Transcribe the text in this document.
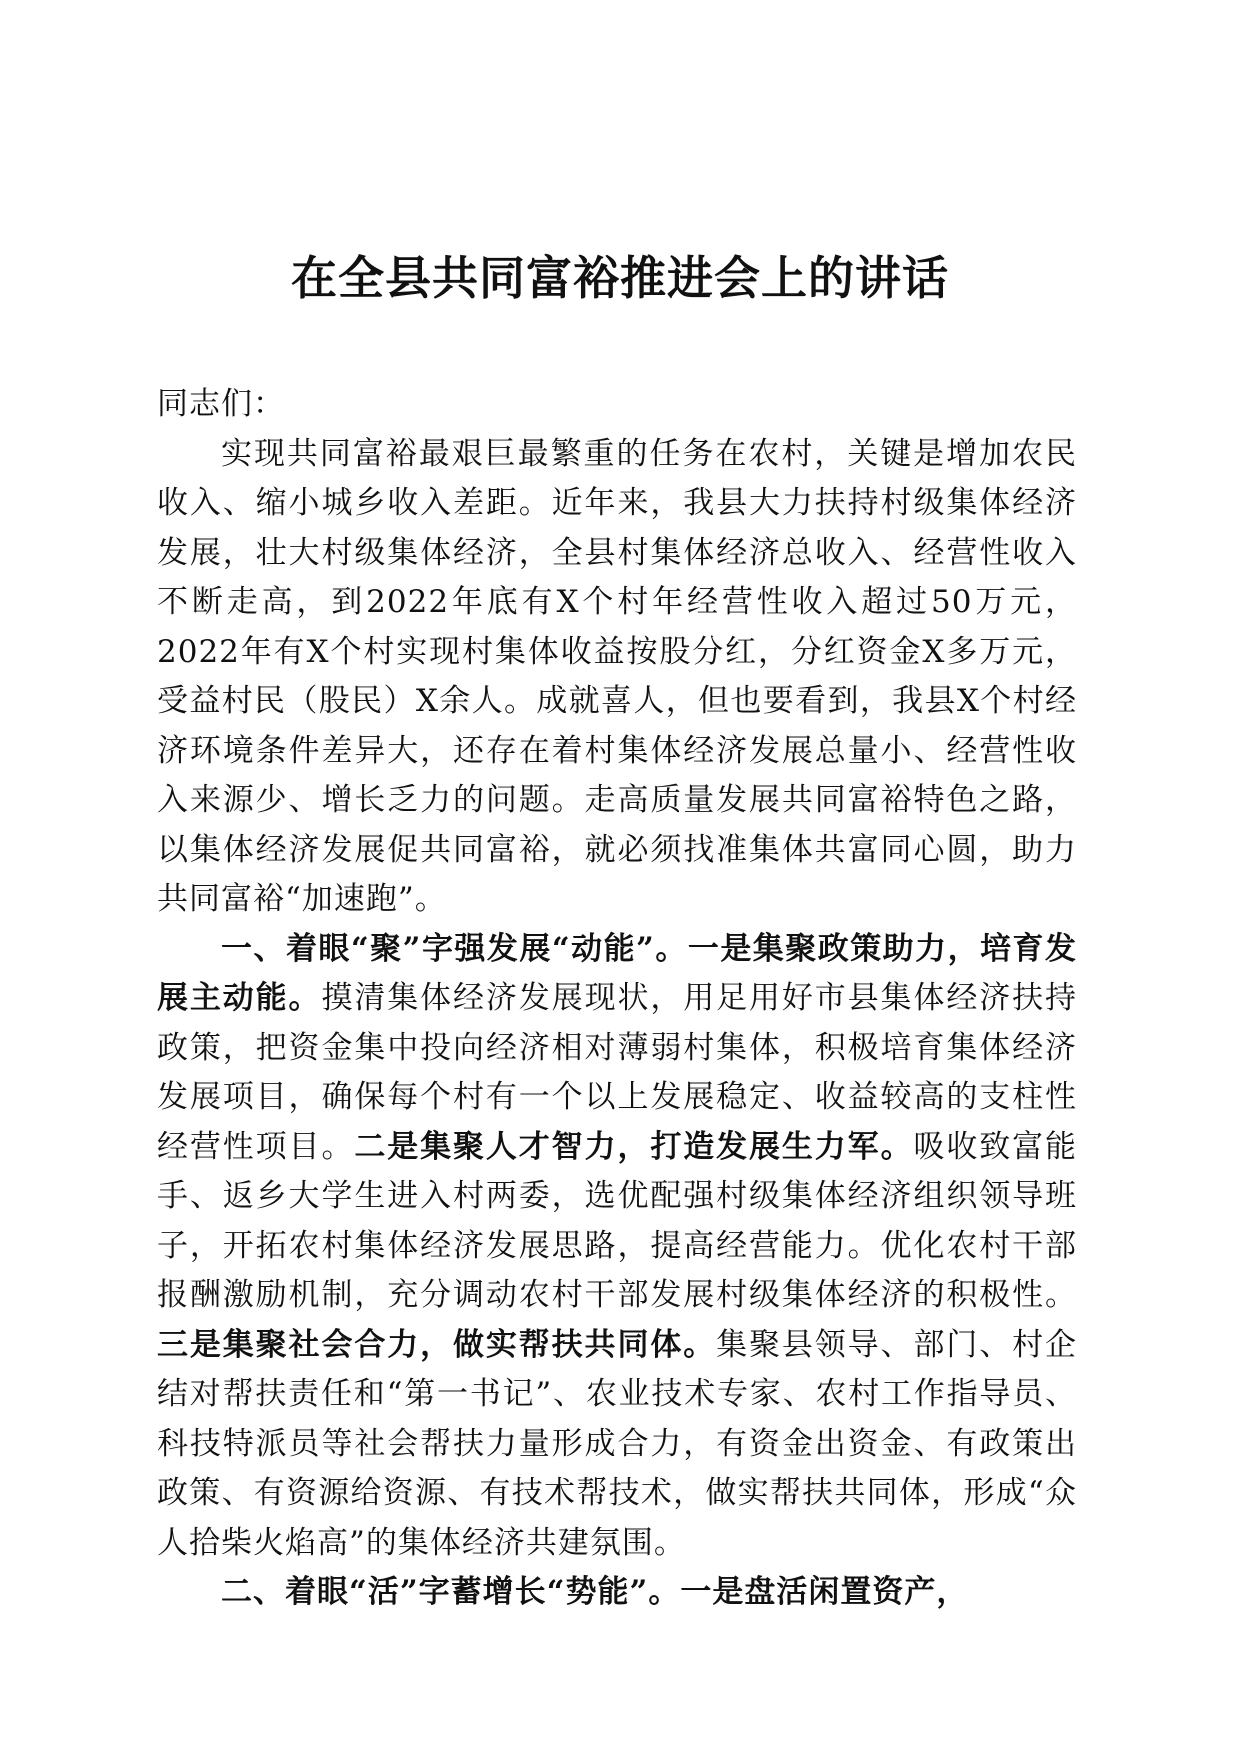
在全县共同富裕推进会上的讲话

同志们：

实现共同富裕最艰巨最繁重的任务在农村，关键是增加农民收入、缩小城乡收入差距。近年来，我县大力扶持村级集体经济发展，壮大村级集体经济，全县村集体经济总收入、经营性收入不断走高，到2022年底有X个村年经营性收入超过50万元，2022年有X个村实现村集体收益按股分红，分红资金X多万元，受益村民（股民）X余人。成就喜人，但也要看到，我县X个村经济环境条件差异大，还存在着村集体经济发展总量小、经营性收入来源少、增长乏力的问题。走高质量发展共同富裕特色之路，以集体经济发展促共同富裕，就必须找准集体共富同心圆，助力共同富裕“加速跑”。

一、着眼“聚”字强发展“动能”。一是集聚政策助力，培育发展主动能。摸清集体经济发展现状，用足用好市县集体经济扶持政策，把资金集中投向经济相对薄弱村集体，积极培育集体经济发展项目，确保每个村有一个以上发展稳定、收益较高的支柱性经营性项目。二是集聚人才智力，打造发展生力军。吸收致富能手、返乡大学生进入村两委，选优配强村级集体经济组织领导班子，开拓农村集体经济发展思路，提高经营能力。优化农村干部报酬激励机制，充分调动农村干部发展村级集体经济的积极性。三是集聚社会合力，做实帮扶共同体。集聚县领导、部门、村企结对帮扶责任和“第一书记”、农业技术专家、农村工作指导员、科技特派员等社会帮扶力量形成合力，有资金出资金、有政策出政策、有资源给资源、有技术帮技术，做实帮扶共同体，形成“众人拾柴火焰高”的集体经济共建氛围。

二、着眼“活”字蓄增长“势能”。一是盘活闲置资产，
